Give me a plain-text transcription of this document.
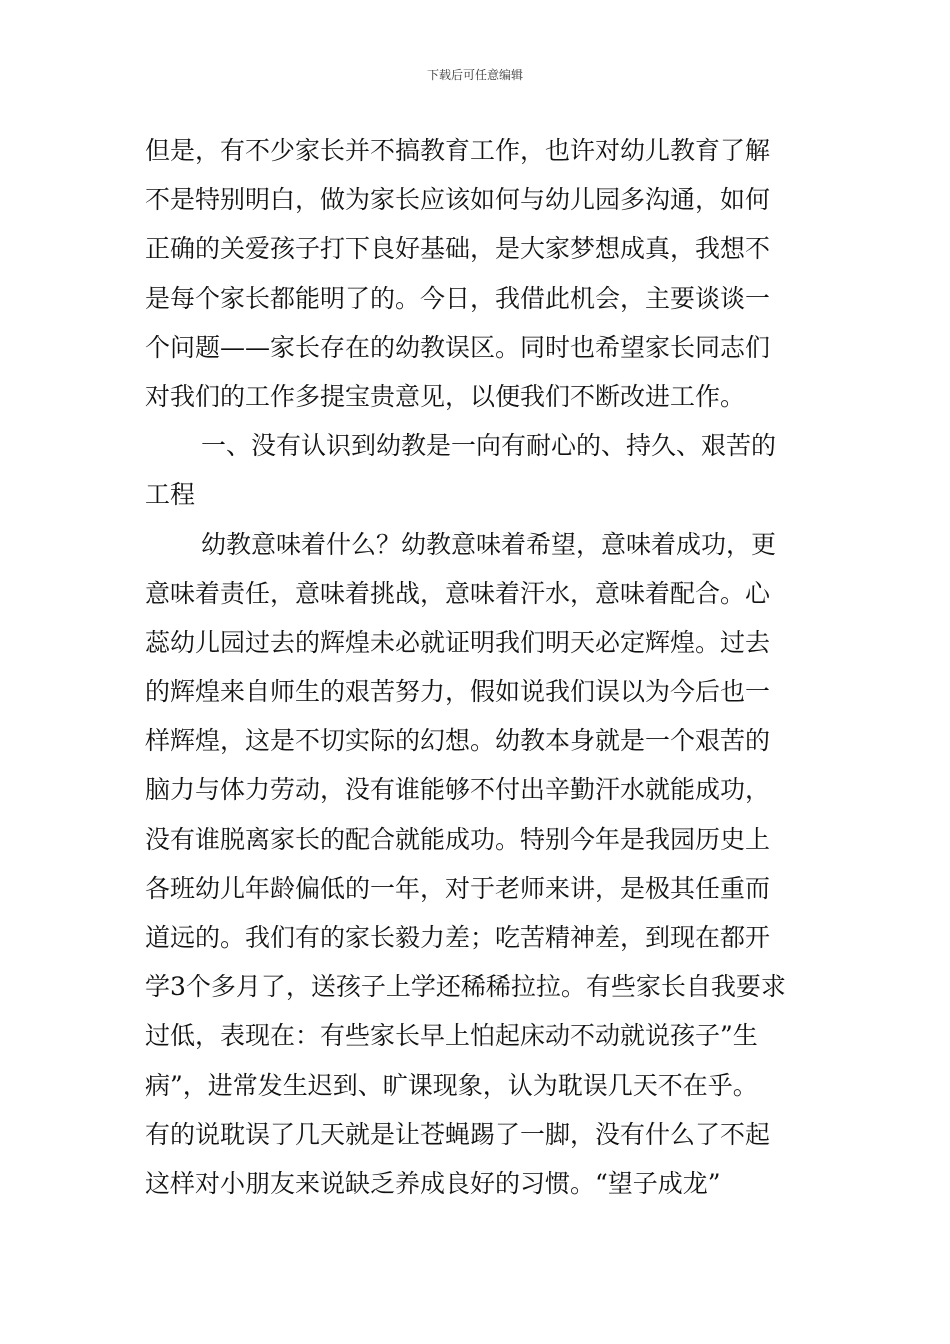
下载后可任意编辑
但是，有不少家长并不搞教育工作，也许对幼儿教育了解
不是特别明白，做为家长应该如何与幼儿园多沟通，如何
正确的关爱孩子打下良好基础，是大家梦想成真，我想不
是每个家长都能明了的。今日，我借此机会，主要谈谈一
个问题——家长存在的幼教误区。同时也希望家长同志们
对我们的工作多提宝贵意见，以便我们不断改进工作。
一、没有认识到幼教是一向有耐心的、持久、艰苦的
工程
幼教意味着什么？幼教意味着希望，意味着成功，更
意味着责任，意味着挑战，意味着汗水，意味着配合。心
蕊幼儿园过去的辉煌未必就证明我们明天必定辉煌。过去
的辉煌来自师生的艰苦努力，假如说我们误以为今后也一
样辉煌，这是不切实际的幻想。幼教本身就是一个艰苦的
脑力与体力劳动，没有谁能够不付出辛勤汗水就能成功，
没有谁脱离家长的配合就能成功。特别今年是我园历史上
各班幼儿年龄偏低的一年，对于老师来讲，是极其任重而
道远的。我们有的家长毅力差；吃苦精神差，到现在都开
学3个多月了，送孩子上学还稀稀拉拉。有些家长自我要求
过低，表现在：有些家长早上怕起床动不动就说孩子”生
病”，进常发生迟到、旷课现象，认为耽误几天不在乎。
有的说耽误了几天就是让苍蝇踢了一脚，没有什么了不起
这样对小朋友来说缺乏养成良好的习惯。“望子成龙”
